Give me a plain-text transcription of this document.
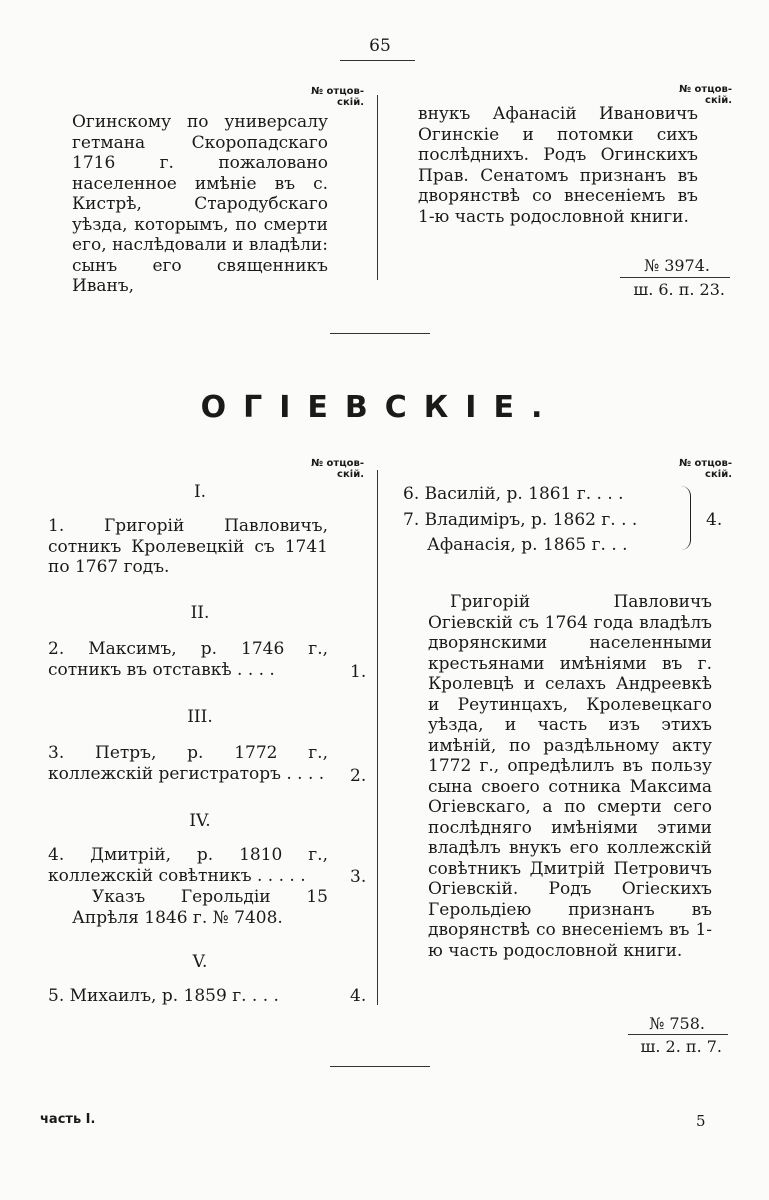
65
№ отцов-
скій.
№ отцов-
скій.
Огинскому по универсалу гетмана Скоропадскаго 1716 г. пожаловано населенное имѣніе въ с. Кистрѣ, Стародубскаго уѣзда, которымъ, по смерти его, наслѣдовали и владѣли: сынъ его священникъ Иванъ,
внукъ Афанасій Ивановичъ Огинскіе и потомки сихъ послѣднихъ. Родъ Огинскихъ Прав. Сенатомъ признанъ въ дворянствѣ со внесеніемъ въ 1-ю часть родословной книги.
№ 3974.
ш. 6. п. 23.
ОГІЕВСКІЕ.
№ отцов-
скій.
№ отцов-
скій.
I.
1. Григорій Павловичъ, сотникъ Кролевецкій съ 1741 по 1767 годъ.
II.
2. Максимъ, р. 1746 г., сотникъ въ отставкѣ . . . .	1.
III.
3. Петръ, р. 1772 г., коллежскій регистраторъ . . . . 2.
IV.
4. Дмитрій, р. 1810 г., коллежскій совѣтникъ . . . . .	3.
Указъ Герольдіи 15 Апрѣля 1846 г. № 7408.
V.
5. Михаилъ, р. 1859 г. . . .	4.
6. Василій, р. 1861 г. . . .
7. Владиміръ, р. 1862 г. . .
Афанасія, р. 1865 г. . .
4.
Григорій Павловичъ Огіевскій съ 1764 года владѣлъ дворянскими населенными крестьянами имѣніями въ г. Кролевцѣ и селахъ Андреевкѣ и Реутинцахъ, Кролевецкаго уѣзда, и часть изъ этихъ имѣній, по раздѣльному акту 1772 г., опредѣлилъ въ пользу сына своего сотника Максима Огіевскаго, а по смерти сего послѣдняго имѣніями этими владѣлъ внукъ его коллежскій совѣтникъ Дмитрій Петровичъ Огіевскій. Родъ Огіескихъ Герольдіею признанъ въ дворянствѣ со внесеніемъ въ 1-ю часть родословной книги.
№ 758.
ш. 2. п. 7.
часть I.	5
